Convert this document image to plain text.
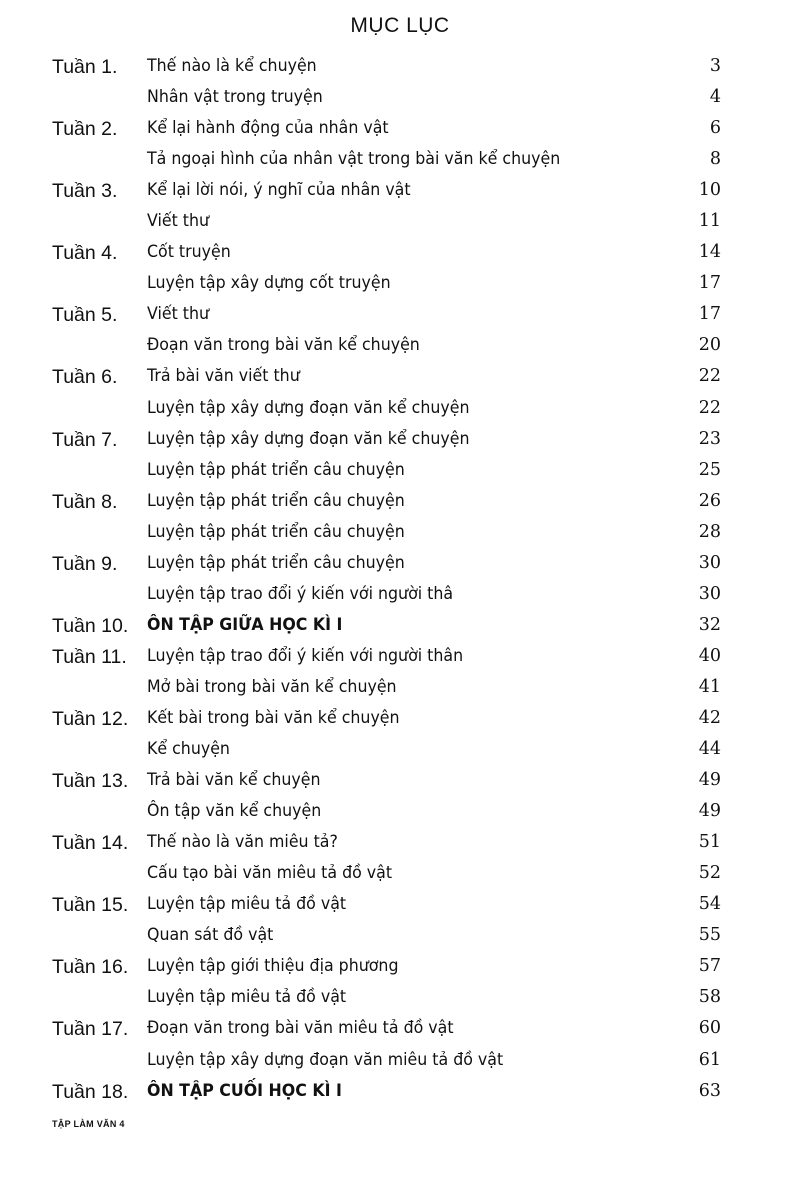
MỤC LỤC
Tuần 1. Thế nào là kể chuyện	3
Nhân vật trong truyện	4
Tuần 2. Kể lại hành động của nhân vật	6
Tả ngoại hình của nhân vật trong bài văn kể chuyện	8
Tuần 3. Kể lại lời nói, ý nghĩ của nhân vật	10
Viết thư	11
Tuần 4. Cốt truyện	14
Luyện tập xây dựng cốt truyện	17
Tuần 5. Viết thư	17
Đoạn văn trong bài văn kể chuyện	20
Tuần 6. Trả bài văn viết thư	22
Luyện tập xây dựng đoạn văn kể chuyện	22
Tuần 7. Luyện tập xây dựng đoạn văn kể chuyện	23
Luyện tập phát triển câu chuyện	25
Tuần 8. Luyện tập phát triển câu chuyện	26
Luyện tập phát triển câu chuyện	28
Tuần 9. Luyện tập phát triển câu chuyện	30
Luyện tập trao đổi ý kiến với người thâ	30
Tuần 10. ÔN TẬP GIỮA HỌC KÌ I	32
Tuần 11. Luyện tập trao đổi ý kiến với người thân	40
Mở bài trong bài văn kể chuyện	41
Tuần 12. Kết bài trong bài văn kể chuyện	42
Kể chuyện	44
Tuần 13. Trả bài văn kể chuyện	49
Ôn tập văn kể chuyện	49
Tuần 14. Thế nào là văn miêu tả?	51
Cấu tạo bài văn miêu tả đồ vật	52
Tuần 15. Luyện tập miêu tả đồ vật	54
Quan sát đồ vật	55
Tuần 16. Luyện tập giới thiệu địa phương	57
Luyện tập miêu tả đồ vật	58
Tuần 17. Đoạn văn trong bài văn miêu tả đồ vật	60
Luyện tập xây dựng đoạn văn miêu tả đồ vật	61
Tuần 18. ÔN TẬP CUỐI HỌC KÌ I	63
TẬP LÀM VĂN 4
